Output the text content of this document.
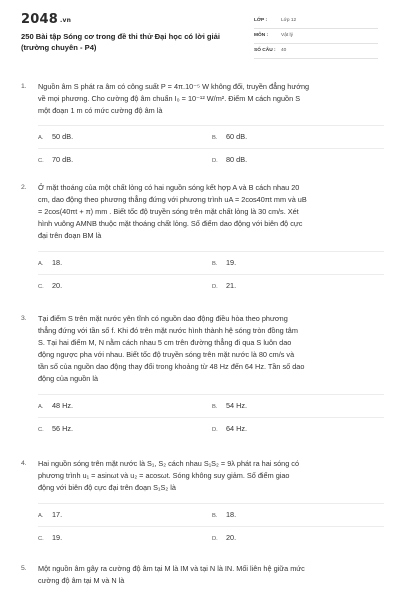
2048 .vn
250 Bài tập Sóng cơ trong đề thi thử Đại học có lời giải
(trường chuyên - P4)
LỚP :	Lớp 12
MÔN :	Vật lý
SỐ CÂU : 40
1. Nguồn âm S phát ra âm có công suất P = 4π.10⁻⁵ W không đổi, truyền đẳng hướng
về mọi phương. Cho cường độ âm chuẩn I₀ = 10⁻¹² W/m². Điểm M cách nguồn S
một đoạn 1 m có mức cường độ âm là
A. 50 dB.	B. 60 dB.
C. 70 dB.	D. 80 dB.
2. Ở mặt thoáng của một chất lỏng có hai nguồn sóng kết hợp A và B cách nhau 20
cm, dao động theo phương thẳng đứng với phương trình uA = 2cos40πt mm và uB
= 2cos(40πt + π) mm . Biết tốc độ truyền sóng trên mặt chất lỏng là 30 cm/s. Xét
hình vuông AMNB thuộc mặt thoáng chất lỏng. Số điểm dao động với biên độ cực
đại trên đoạn BM là
A. 18.	B. 19.
C. 20.	D. 21.
3. Tại điểm S trên mặt nước yên tĩnh có nguồn dao động điều hòa theo phương
thẳng đứng với tần số f. Khi đó trên mặt nước hình thành hệ sóng tròn đồng tâm
S. Tại hai điểm M, N nằm cách nhau 5 cm trên đường thẳng đi qua S luôn dao
động ngược pha với nhau. Biết tốc độ truyền sóng trên mặt nước là 80 cm/s và
tần số của nguồn dao động thay đổi trong khoảng từ 48 Hz đến 64 Hz. Tần số dao
động của nguồn là
A. 48 Hz.	B. 54 Hz.
C. 56 Hz.	D. 64 Hz.
4. Hai nguồn sóng trên mặt nước là S₁, S₂ cách nhau S₁S₂ = 9λ phát ra hai sóng có
phương trình u₁ = asinωt và u₂ = acosωt. Sóng không suy giảm. Số điểm giao
động với biên độ cực đại trên đoạn S₁S₂ là
A. 17.	B. 18.
C. 19.	D. 20.
5. Một nguồn âm gây ra cường độ âm tại M là IM và tại N là IN. Mối liên hệ giữa mức
cường độ âm tại M và N là
